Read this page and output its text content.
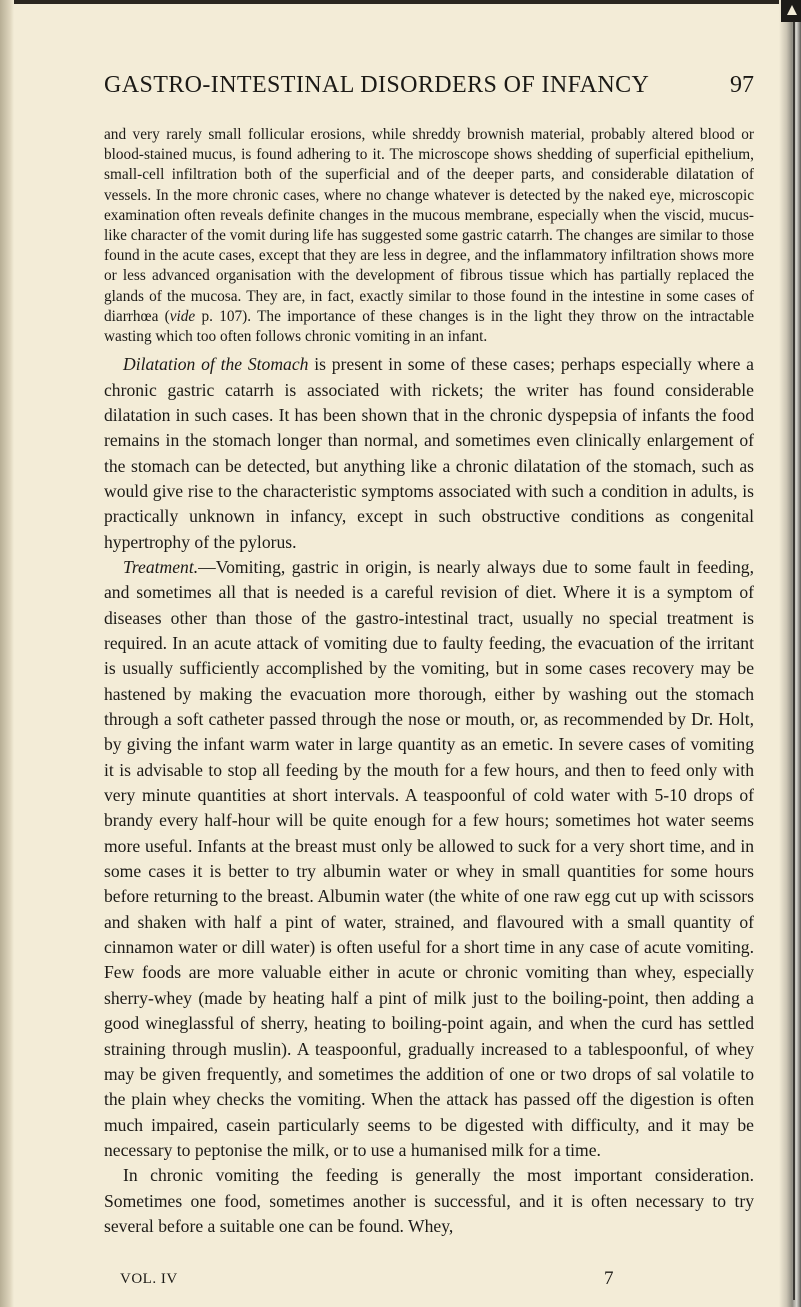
GASTRO-INTESTINAL DISORDERS OF INFANCY	97

and very rarely small follicular erosions, while shreddy brownish material, probably altered blood or blood-stained mucus, is found adhering to it. The microscope shows shedding of superficial epithelium, small-cell infiltration both of the superficial and of the deeper parts, and considerable dilatation of vessels. In the more chronic cases, where no change whatever is detected by the naked eye, microscopic examination often reveals definite changes in the mucous membrane, especially when the viscid, mucus-like character of the vomit during life has suggested some gastric catarrh. The changes are similar to those found in the acute cases, except that they are less in degree, and the inflammatory infiltration shows more or less advanced organisation with the development of fibrous tissue which has partially replaced the glands of the mucosa. They are, in fact, exactly similar to those found in the intestine in some cases of diarrhœa (vide p. 107). The importance of these changes is in the light they throw on the intractable wasting which too often follows chronic vomiting in an infant.

Dilatation of the Stomach is present in some of these cases; perhaps especially where a chronic gastric catarrh is associated with rickets; the writer has found considerable dilatation in such cases. It has been shown that in the chronic dyspepsia of infants the food remains in the stomach longer than normal, and sometimes even clinically enlargement of the stomach can be detected, but anything like a chronic dilatation of the stomach, such as would give rise to the characteristic symptoms associated with such a condition in adults, is practically unknown in infancy, except in such obstructive conditions as congenital hypertrophy of the pylorus.

Treatment.—Vomiting, gastric in origin, is nearly always due to some fault in feeding, and sometimes all that is needed is a careful revision of diet. Where it is a symptom of diseases other than those of the gastro-intestinal tract, usually no special treatment is required. In an acute attack of vomiting due to faulty feeding, the evacuation of the irritant is usually sufficiently accomplished by the vomiting, but in some cases recovery may be hastened by making the evacuation more thorough, either by washing out the stomach through a soft catheter passed through the nose or mouth, or, as recommended by Dr. Holt, by giving the infant warm water in large quantity as an emetic. In severe cases of vomiting it is advisable to stop all feeding by the mouth for a few hours, and then to feed only with very minute quantities at short intervals. A teaspoonful of cold water with 5-10 drops of brandy every half-hour will be quite enough for a few hours; sometimes hot water seems more useful. Infants at the breast must only be allowed to suck for a very short time, and in some cases it is better to try albumin water or whey in small quantities for some hours before returning to the breast. Albumin water (the white of one raw egg cut up with scissors and shaken with half a pint of water, strained, and flavoured with a small quantity of cinnamon water or dill water) is often useful for a short time in any case of acute vomiting. Few foods are more valuable either in acute or chronic vomiting than whey, especially sherry-whey (made by heating half a pint of milk just to the boiling-point, then adding a good wineglassful of sherry, heating to boiling-point again, and when the curd has settled straining through muslin). A teaspoonful, gradually increased to a tablespoonful, of whey may be given frequently, and sometimes the addition of one or two drops of sal volatile to the plain whey checks the vomiting. When the attack has passed off the digestion is often much impaired, casein particularly seems to be digested with difficulty, and it may be necessary to peptonise the milk, or to use a humanised milk for a time.

In chronic vomiting the feeding is generally the most important consideration. Sometimes one food, sometimes another is successful, and it is often necessary to try several before a suitable one can be found. Whey,

VOL. IV	7
